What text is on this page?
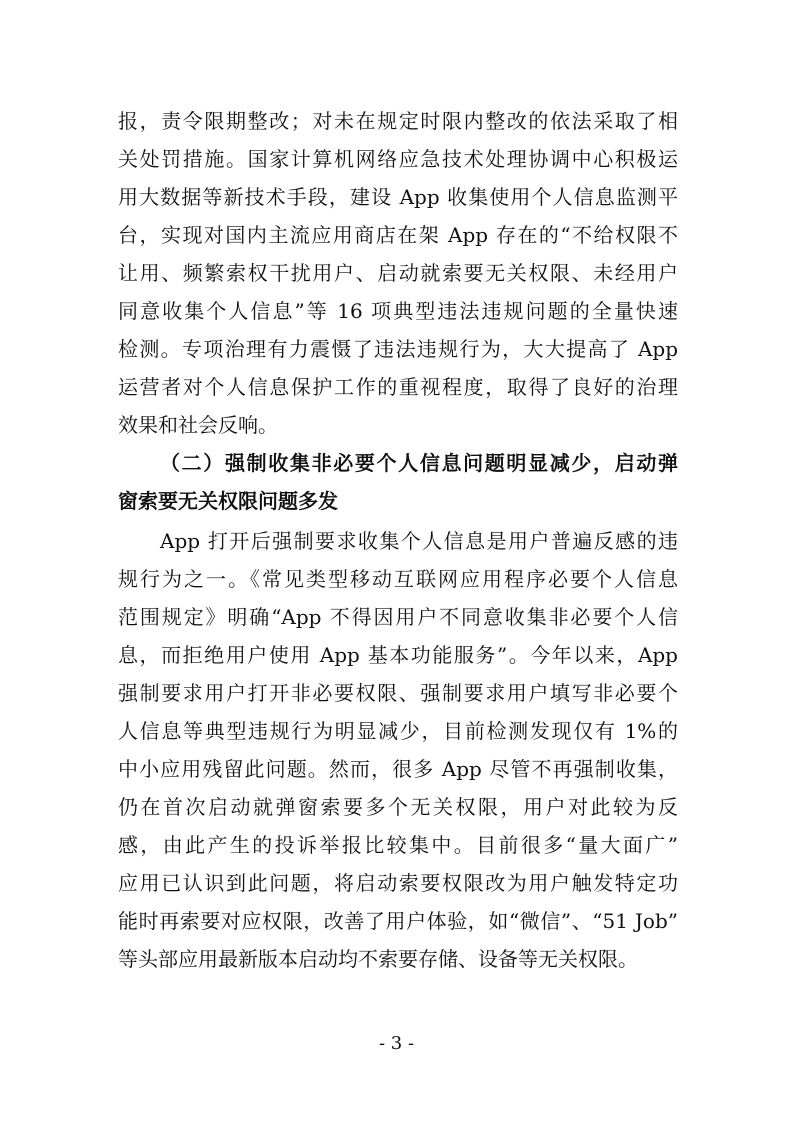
报，责令限期整改；对未在规定时限内整改的依法采取了相
关处罚措施。国家计算机网络应急技术处理协调中心积极运
用大数据等新技术手段，建设 App 收集使用个人信息监测平
台，实现对国内主流应用商店在架 App 存在的“不给权限不
让用、频繁索权干扰用户、启动就索要无关权限、未经用户
同意收集个人信息”等 16 项典型违法违规问题的全量快速
检测。专项治理有力震慑了违法违规行为，大大提高了 App
运营者对个人信息保护工作的重视程度，取得了良好的治理
效果和社会反响。
（二）强制收集非必要个人信息问题明显减少，启动弹
窗索要无关权限问题多发
App 打开后强制要求收集个人信息是用户普遍反感的违
规行为之一。《常见类型移动互联网应用程序必要个人信息
范围规定》明确“App 不得因用户不同意收集非必要个人信
息，而拒绝用户使用 App 基本功能服务”。今年以来，App
强制要求用户打开非必要权限、强制要求用户填写非必要个
人信息等典型违规行为明显减少，目前检测发现仅有 1%的
中小应用残留此问题。然而，很多 App 尽管不再强制收集，
仍在首次启动就弹窗索要多个无关权限，用户对此较为反
感，由此产生的投诉举报比较集中。目前很多“量大面广”
应用已认识到此问题，将启动索要权限改为用户触发特定功
能时再索要对应权限，改善了用户体验，如“微信”、“51 Job”
等头部应用最新版本启动均不索要存储、设备等无关权限。
- 3 -
